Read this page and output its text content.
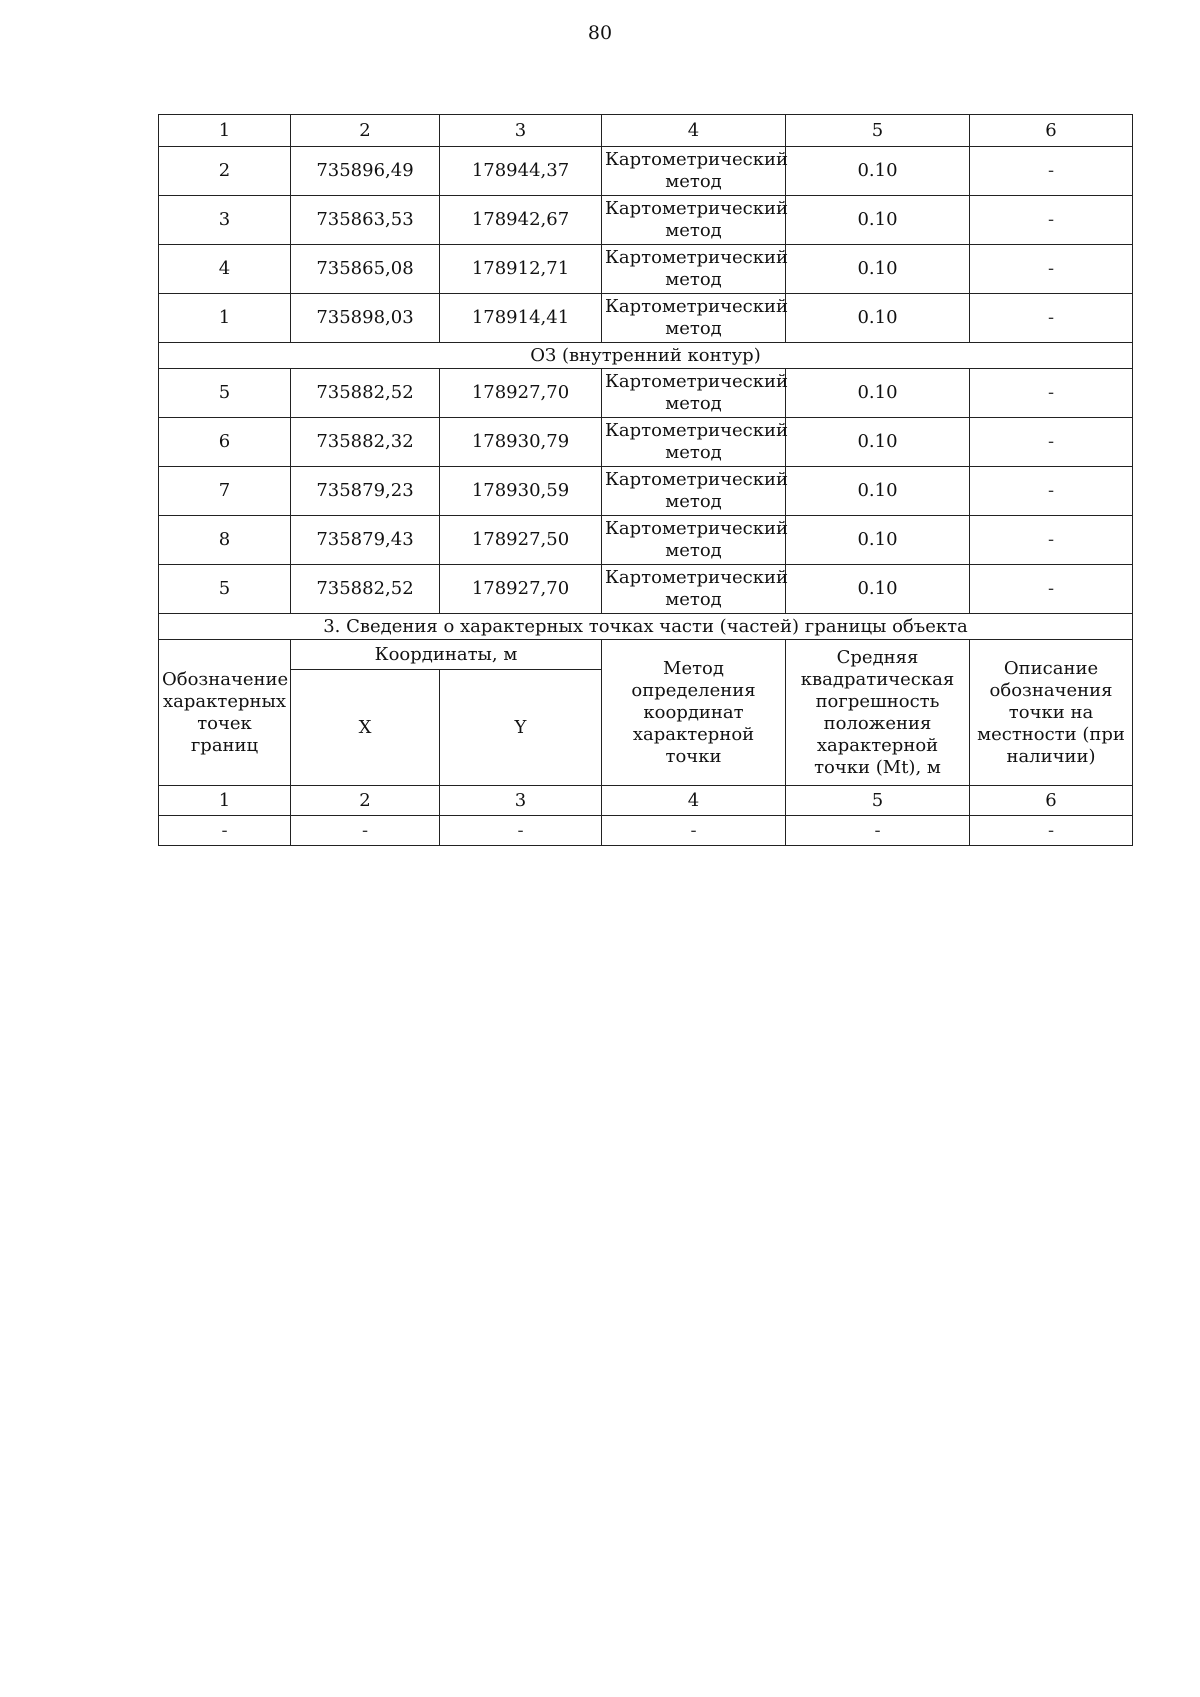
80
1	2	3	4	5	6
2	735896,49	178944,37	Картометрический метод	0.10	-
3	735863,53	178942,67	Картометрический метод	0.10	-
4	735865,08	178912,71	Картометрический метод	0.10	-
1	735898,03	178914,41	Картометрический метод	0.10	-
ОЗ (внутренний контур)					
5	735882,52	178927,70	Картометрический метод	0.10	-
6	735882,32	178930,79	Картометрический метод	0.10	-
7	735879,23	178930,59	Картометрический метод	0.10	-
8	735879,43	178927,50	Картометрический метод	0.10	-
5	735882,52	178927,70	Картометрический метод	0.10	-
3. Сведения о характерных точках части (частей) границы объекта					
Обозначение характерных точек границ	Координаты, м		Метод определения координат характерной точки	Средняя квадратическая погрешность положения характерной точки (Mt), м	Описание обозначения точки на местности (при наличии)
	X	Y			
1	2	3	4	5	6
-	-	-	-	-	-
